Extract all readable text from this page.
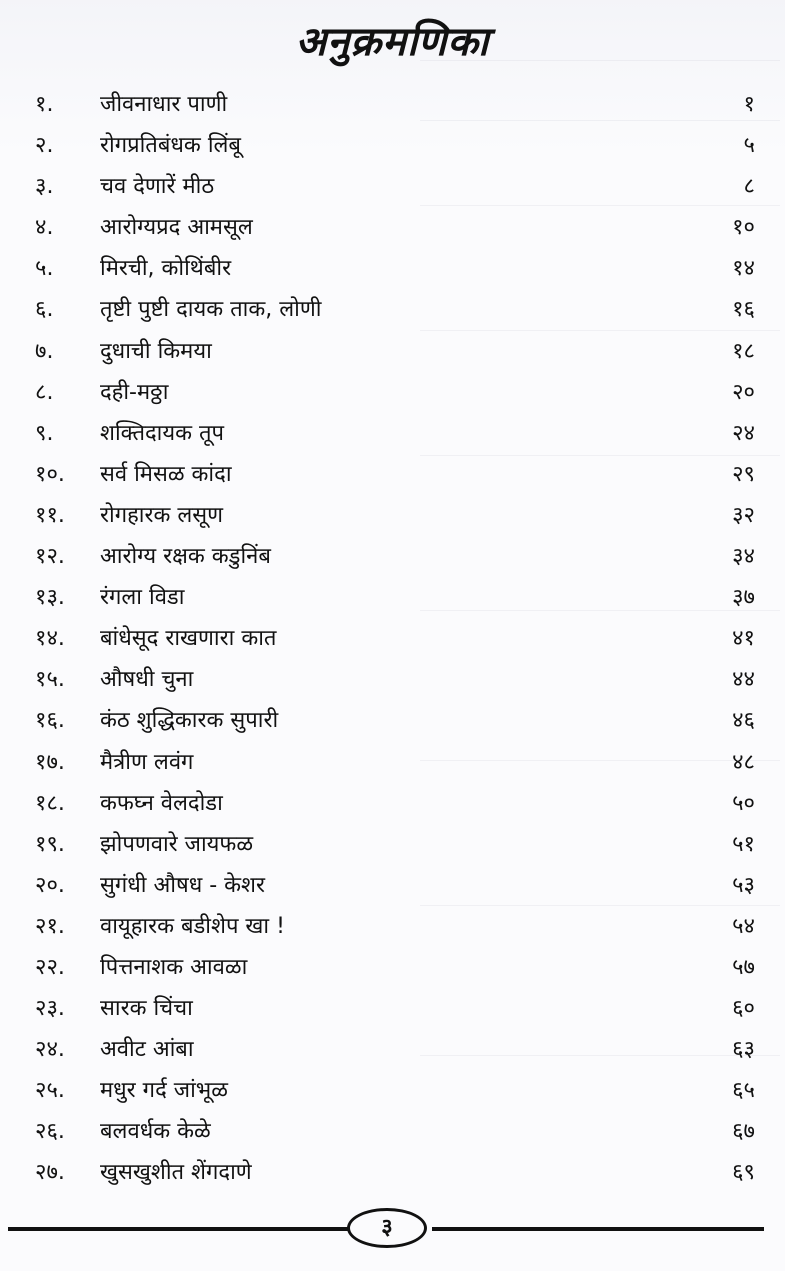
अनुक्रमणिका
१.	जीवनाधार पाणी	१
२.	रोगप्रतिबंधक लिंबू	५
३.	चव देणारें मीठ	८
४.	आरोग्यप्रद आमसूल	१०
५.	मिरची, कोथिंबीर	१४
६.	तृष्टी पुष्टी दायक ताक, लोणी	१६
७.	दुधाची किमया	१८
८.	दही-मठ्ठा	२०
९.	शक्तिदायक तूप	२४
१०.	सर्व मिसळ कांदा	२९
११.	रोगहारक लसूण	३२
१२.	आरोग्य रक्षक कडुनिंब	३४
१३.	रंगला विडा	३७
१४.	बांधेसूद राखणारा कात	४१
१५.	औषधी चुना	४४
१६.	कंठ शुद्धिकारक सुपारी	४६
१७.	मैत्रीण लवंग	४८
१८.	कफघ्न वेलदोडा	५०
१९.	झोपणवारे जायफळ	५१
२०.	सुगंधी औषध - केशर	५३
२१.	वायूहारक बडीशेप खा !	५४
२२.	पित्तनाशक आवळा	५७
२३.	सारक चिंचा	६०
२४.	अवीट आंबा	६३
२५.	मधुर गर्द जांभूळ	६५
२६.	बलवर्धक केळे	६७
२७.	खुसखुशीत शेंगदाणे	६९
३
